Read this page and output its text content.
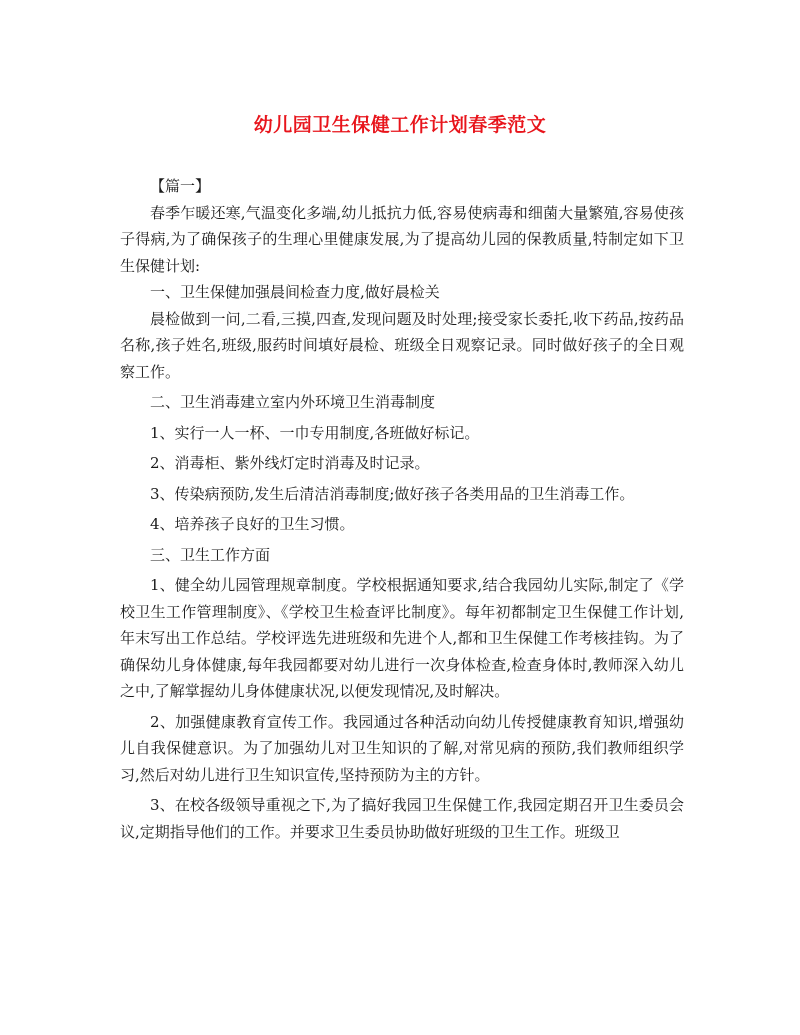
幼儿园卫生保健工作计划春季范文

【篇一】

春季乍暖还寒,气温变化多端,幼儿抵抗力低,容易使病毒和细菌大量繁殖,容易使孩子得病,为了确保孩子的生理心里健康发展,为了提高幼儿园的保教质量,特制定如下卫生保健计划:

一、卫生保健加强晨间检查力度,做好晨检关

晨检做到一问,二看,三摸,四查,发现问题及时处理;接受家长委托,收下药品,按药品名称,孩子姓名,班级,服药时间填好晨检、班级全日观察记录。同时做好孩子的全日观察工作。

二、卫生消毒建立室内外环境卫生消毒制度

1、实行一人一杯、一巾专用制度,各班做好标记。

2、消毒柜、紫外线灯定时消毒及时记录。

3、传染病预防,发生后清洁消毒制度;做好孩子各类用品的卫生消毒工作。

4、培养孩子良好的卫生习惯。

三、卫生工作方面

1、健全幼儿园管理规章制度。学校根据通知要求,结合我园幼儿实际,制定了《学校卫生工作管理制度》、《学校卫生检查评比制度》。每年初都制定卫生保健工作计划,年末写出工作总结。学校评选先进班级和先进个人,都和卫生保健工作考核挂钩。为了确保幼儿身体健康,每年我园都要对幼儿进行一次身体检查,检查身体时,教师深入幼儿之中,了解掌握幼儿身体健康状况,以便发现情况,及时解决。

2、加强健康教育宣传工作。我园通过各种活动向幼儿传授健康教育知识,增强幼儿自我保健意识。为了加强幼儿对卫生知识的了解,对常见病的预防,我们教师组织学习,然后对幼儿进行卫生知识宣传,坚持预防为主的方针。

3、在校各级领导重视之下,为了搞好我园卫生保健工作,我园定期召开卫生委员会议,定期指导他们的工作。并要求卫生委员协助做好班级的卫生工作。班级卫
